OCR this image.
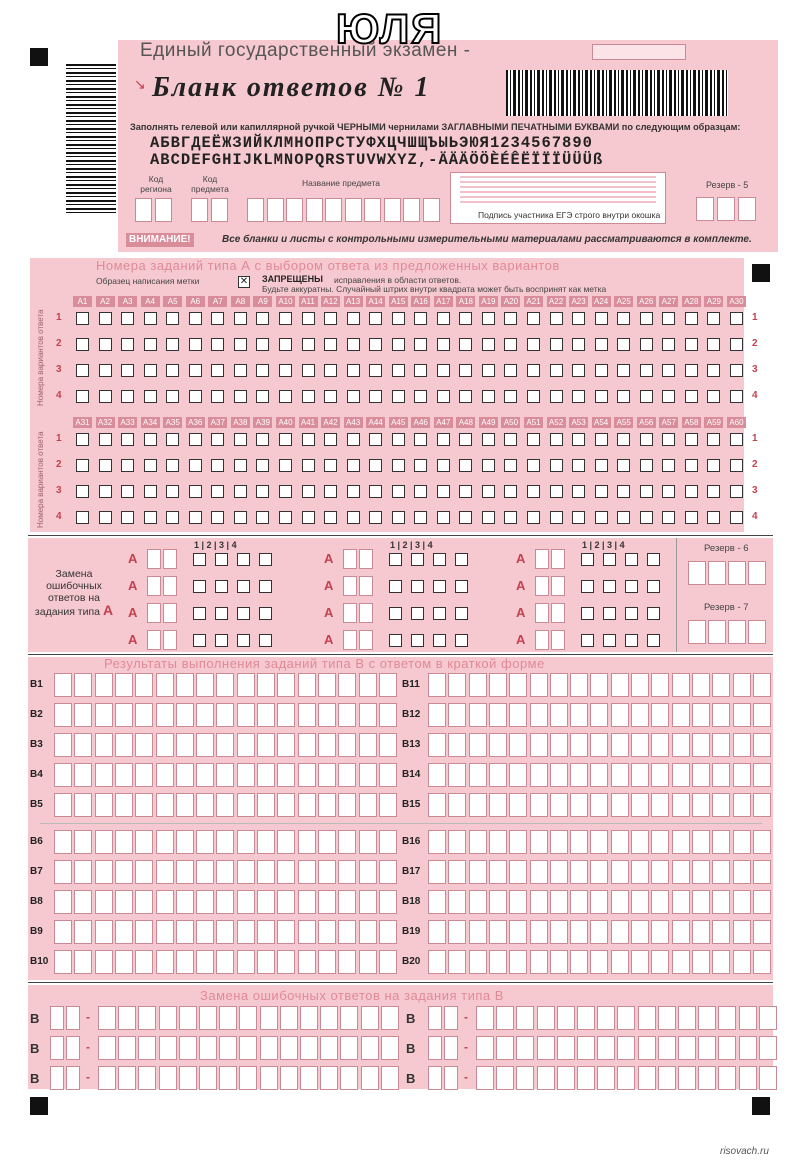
Единый государственный экзамен -
↘ Бланк ответов № 1
Заполнять гелевой или капиллярной ручкой ЧЕРНЫМИ чернилами ЗАГЛАВНЫМИ ПЕЧАТНЫМИ БУКВАМИ по следующим образцам:
АБВГДЕЁЖЗИЙКЛМНОПРСТУФХЦЧШЩЪЫЬЭЮЯ1234567890
ABCDEFGHIJKLMNOPQRSTUVWXYZ,-ÄÄÄÖÖÈÉÊËÏÏÏÜÜÜß
Код региона
Код предмета
Название предмета
Подпись участника ЕГЭ строго внутри окошка
Резерв - 5
ВНИМАНИЕ!	Все бланки и листы с контрольными измерительными материалами рассматриваются в комплекте.
Номера заданий типа А с выбором ответа из предложенных вариантов
Образец написания метки	✕ ЗАПРЕЩЕНЫ исправления в области ответов.
Будьте аккуратны. Случайный штрих внутри квадрата может быть воспринят как метка
Номера вариантов ответа
Номера вариантов ответа
A1	A2	A3	A4	A5	A6	A7	A8	A9	A10	A11	A12 A13 A14 A15 A16 A17 A18 A19 A20 A21 A22 A23 A24 A25 A26 A27 A28 A29 A30
1	1
2	2
3	3
4	4
A31 A32 A33 A34 A35 A36 A37 A38 A39 A40 A41 A42 A43 A44 A45 A46 A47 A48 A49 A50 A51 A52 A53 A54 A55 A56 A57 A58 A59 A60
1	1
2	2
3	3
4	4
Замена ошибочных ответов на задания типа А
1 | 2 | 3 | 4
А
А
А
А
1 | 2 | 3 | 4
А
А
А
А
1 | 2 | 3 | 4
А
А
А
А
Резерв - 6
Резерв - 7
Результаты выполнения заданий типа В с ответом в краткой форме
B1	B11
B2	B12
B3	B13
B4	B14
B5	B15
B6	B16
B7	B17
B8	B18
B9	B19
B10	B20
Замена ошибочных ответов на задания типа В
В	-	В	-
В	-	В	-
В	-	В	-
ЮЛЯ
risovach.ru
